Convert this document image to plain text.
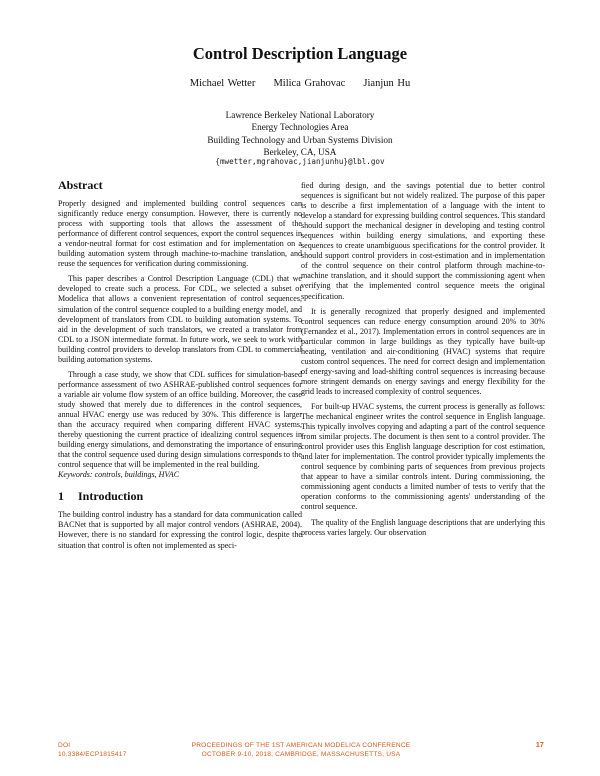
Control Description Language
Michael Wetter     Milica Grahovac     Jianjun Hu
Lawrence Berkeley National Laboratory
Energy Technologies Area
Building Technology and Urban Systems Division
Berkeley, CA, USA
{mwetter,mgrahovac,jianjunhu}@lbl.gov
Abstract

Properly designed and implemented building control sequences can significantly reduce energy consumption. However, there is currently no process with supporting tools that allows the assessment of the performance of different control sequences, export the control sequences in a vendor-neutral format for cost estimation and for implementation on a building automation system through machine-to-machine translation, and reuse the sequences for verification during commissioning.

This paper describes a Control Description Language (CDL) that we developed to create such a process. For CDL, we selected a subset of Modelica that allows a convenient representation of control sequences, simulation of the control sequence coupled to a building energy model, and development of translators from CDL to building automation systems. To aid in the development of such translators, we created a translator from CDL to a JSON intermediate format. In future work, we seek to work with building control providers to develop translators from CDL to commercial building automation systems.

Through a case study, we show that CDL suffices for simulation-based performance assessment of two ASHRAE-published control sequences for a variable air volume flow system of an office building. Moreover, the case study showed that merely due to differences in the control sequences, annual HVAC energy use was reduced by 30%. This difference is larger than the accuracy required when comparing different HVAC systems, thereby questioning the current practice of idealizing control sequences in building energy simulations, and demonstrating the importance of ensuring that the control sequence used during design simulations corresponds to the control sequence that will be implemented in the real building.

Keywords: controls, buildings, HVAC

1 Introduction

The building control industry has a standard for data communication called BACNet that is supported by all major control vendors (ASHRAE, 2004). However, there is no standard for expressing the control logic, despite the situation that control is often not implemented as speci-

fied during design, and the savings potential due to better control sequences is significant but not widely realized. The purpose of this paper is to describe a first implementation of a language with the intent to develop a standard for expressing building control sequences. This standard should support the mechanical designer in developing and testing control sequences within building energy simulations, and exporting these sequences to create unambiguous specifications for the control provider. It should support control providers in cost-estimation and in implementation of the control sequence on their control platform through machine-to-machine translation, and it should support the commissioning agent when verifying that the implemented control sequence meets the original specification.

It is generally recognized that properly designed and implemented control sequences can reduce energy consumption around 20% to 30% (Fernandez et al., 2017). Implementation errors in control sequences are in particular common in large buildings as they typically have built-up heating, ventilation and air-conditioning (HVAC) systems that require custom control sequences. The need for correct design and implementation of energy-saving and load-shifting control sequences is increasing because more stringent demands on energy savings and energy flexibility for the grid leads to increased complexity of control sequences.

For built-up HVAC systems, the current process is generally as follows: The mechanical engineer writes the control sequence in English language. This typically involves copying and adapting a part of the control sequence from similar projects. The document is then sent to a control provider. The control provider uses this English language description for cost estimation, and later for implementation. The control provider typically implements the control sequence by combining parts of sequences from previous projects that appear to have a similar controls intent. During commissioning, the commissioning agent conducts a limited number of tests to verify that the operation conforms to the commissioning agents' understanding of the control sequence.

The quality of the English language descriptions that are underlying this process varies largely. Our observation

DOI
10.3384/ECP1815417
PROCEEDINGS OF THE 1ST AMERICAN MODELICA CONFERENCE
OCTOBER 9-10, 2018, CAMBRIDGE, MASSACHUSETTS, USA
17
